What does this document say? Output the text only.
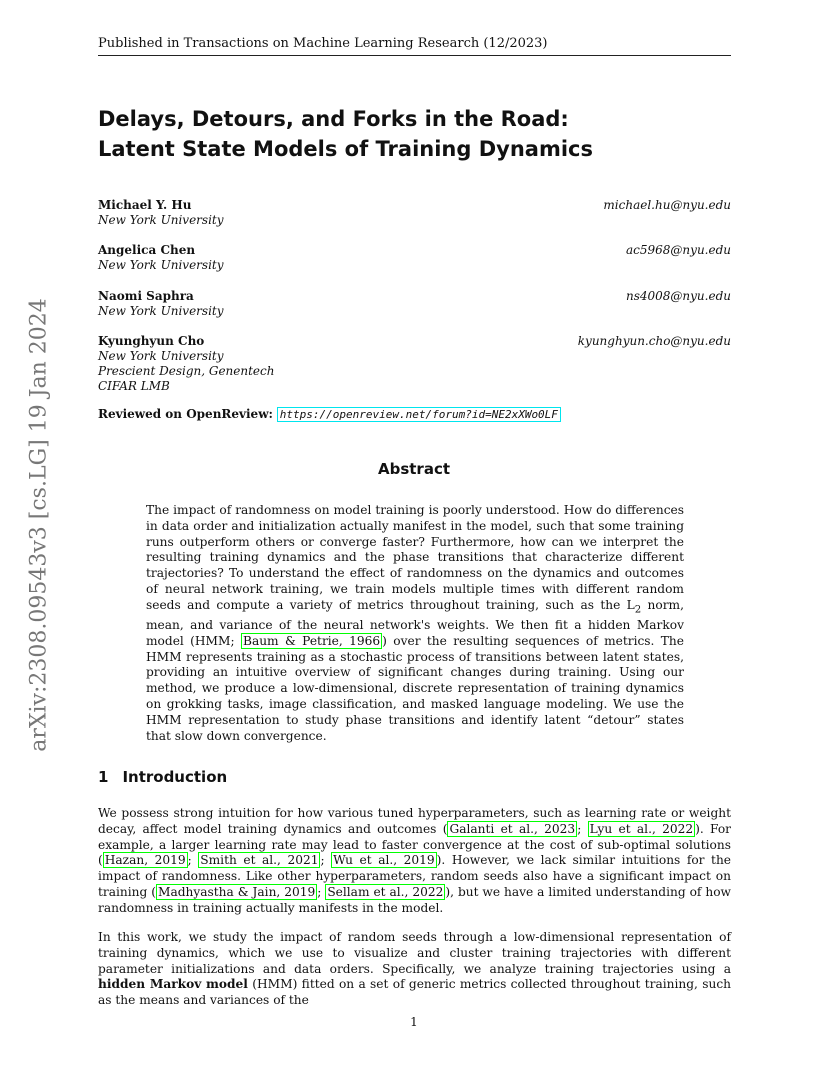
Published in Transactions on Machine Learning Research (12/2023)
Delays, Detours, and Forks in the Road:
Latent State Models of Training Dynamics
Michael Y. Hu
New York University
michael.hu@nyu.edu
Angelica Chen
New York University
ac5968@nyu.edu
Naomi Saphra
New York University
ns4008@nyu.edu
Kyunghyun Cho
New York University
Prescient Design, Genentech
CIFAR LMB
kyunghyun.cho@nyu.edu
Reviewed on OpenReview: https://openreview.net/forum?id=NE2xXWo0LF
arXiv:2308.09543v3 [cs.LG] 19 Jan 2024	Abstract
The impact of randomness on model training is poorly understood. How do differences in data order and initialization actually manifest in the model, such that some training runs outperform others or converge faster? Furthermore, how can we interpret the resulting training dynamics and the phase transitions that characterize different trajectories? To understand the effect of randomness on the dynamics and outcomes of neural network training, we train models multiple times with different random seeds and compute a variety of metrics throughout training, such as the $L_2$ norm, mean, and variance of the neural network's weights. We then fit a hidden Markov model (HMM; Baum & Petrie, 1966 ) over the resulting sequences of metrics. The HMM represents training as a stochastic process of transitions between latent states, providing an intuitive overview of significant changes during training. Using our method, we produce a low-dimensional, discrete representation of training dynamics on grokking tasks, image classification, and masked language modeling. We use the HMM representation to study phase transitions and identify latent “detour” states that slow down convergence.
1 Introduction
We possess strong intuition for how various tuned hyperparameters, such as learning rate or weight decay, affect model training dynamics and outcomes ( Galanti et al., 2023 ; Lyu et al., 2022 ). For example, a larger learning rate may lead to faster convergence at the cost of sub-optimal solutions ( Hazan, 2019 ; Smith et al., 2021 ; Wu et al., 2019 ). However, we lack similar intuitions for the impact of randomness. Like other hyperparameters, random seeds also have a significant impact on training ( Madhyastha & Jain, 2019 ; Sellam et al., 2022 ), but we have a limited understanding of how randomness in training actually manifests in the model.
In this work, we study the impact of random seeds through a low-dimensional representation of training dynamics, which we use to visualize and cluster training trajectories with different parameter initializations and data orders. Specifically, we analyze training trajectories using a hidden Markov model (HMM) fitted on a set of generic metrics collected throughout training, such as the means and variances of the
1
